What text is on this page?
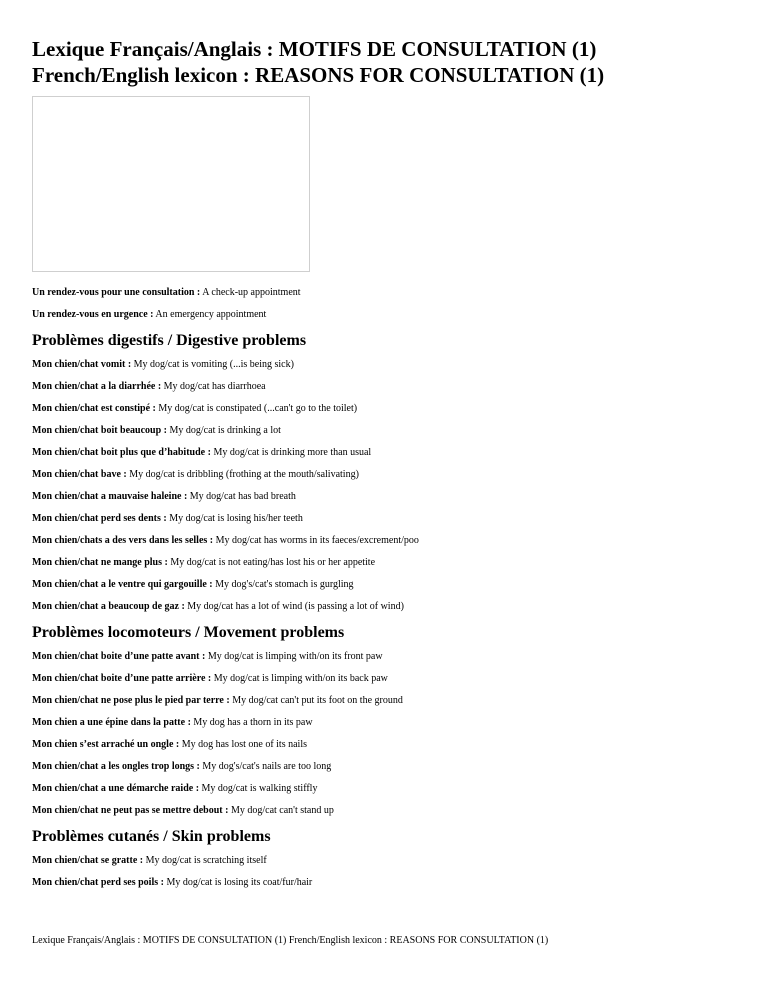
Lexique Français/Anglais : MOTIFS DE CONSULTATION (1)
French/English lexicon : REASONS FOR CONSULTATION (1)

Un rendez-vous pour une consultation : A check-up appointment

Un rendez-vous en urgence : An emergency appointment

Problèmes digestifs / Digestive problems

Mon chien/chat vomit : My dog/cat is vomiting (...is being sick)

Mon chien/chat a la diarrhée : My dog/cat has diarrhoea

Mon chien/chat est constipé : My dog/cat is constipated (...can't go to the toilet)

Mon chien/chat boit beaucoup : My dog/cat is drinking a lot

Mon chien/chat boit plus que d’habitude : My dog/cat is drinking more than usual

Mon chien/chat bave : My dog/cat is dribbling (frothing at the mouth/salivating)

Mon chien/chat a mauvaise haleine : My dog/cat has bad breath

Mon chien/chat perd ses dents : My dog/cat is losing his/her teeth

Mon chien/chats a des vers dans les selles : My dog/cat has worms in its faeces/excrement/poo

Mon chien/chat ne mange plus : My dog/cat is not eating/has lost his or her appetite

Mon chien/chat a le ventre qui gargouille : My dog's/cat's stomach is gurgling

Mon chien/chat a beaucoup de gaz : My dog/cat has a lot of wind (is passing a lot of wind)

Problèmes locomoteurs / Movement problems

Mon chien/chat boite d’une patte avant : My dog/cat is limping with/on its front paw

Mon chien/chat boite d’une patte arrière : My dog/cat is limping with/on its back paw

Mon chien/chat ne pose plus le pied par terre : My dog/cat can't put its foot on the ground

Mon chien a une épine dans la patte : My dog has a thorn in its paw

Mon chien s’est arraché un ongle : My dog has lost one of its nails

Mon chien/chat a les ongles trop longs : My dog's/cat's nails are too long

Mon chien/chat a une démarche raide : My dog/cat is walking stiffly

Mon chien/chat ne peut pas se mettre debout : My dog/cat can't stand up

Problèmes cutanés / Skin problems

Mon chien/chat se gratte : My dog/cat is scratching itself

Mon chien/chat perd ses poils : My dog/cat is losing its coat/fur/hair

Lexique Français/Anglais : MOTIFS DE CONSULTATION (1) French/English lexicon : REASONS FOR CONSULTATION (1)
